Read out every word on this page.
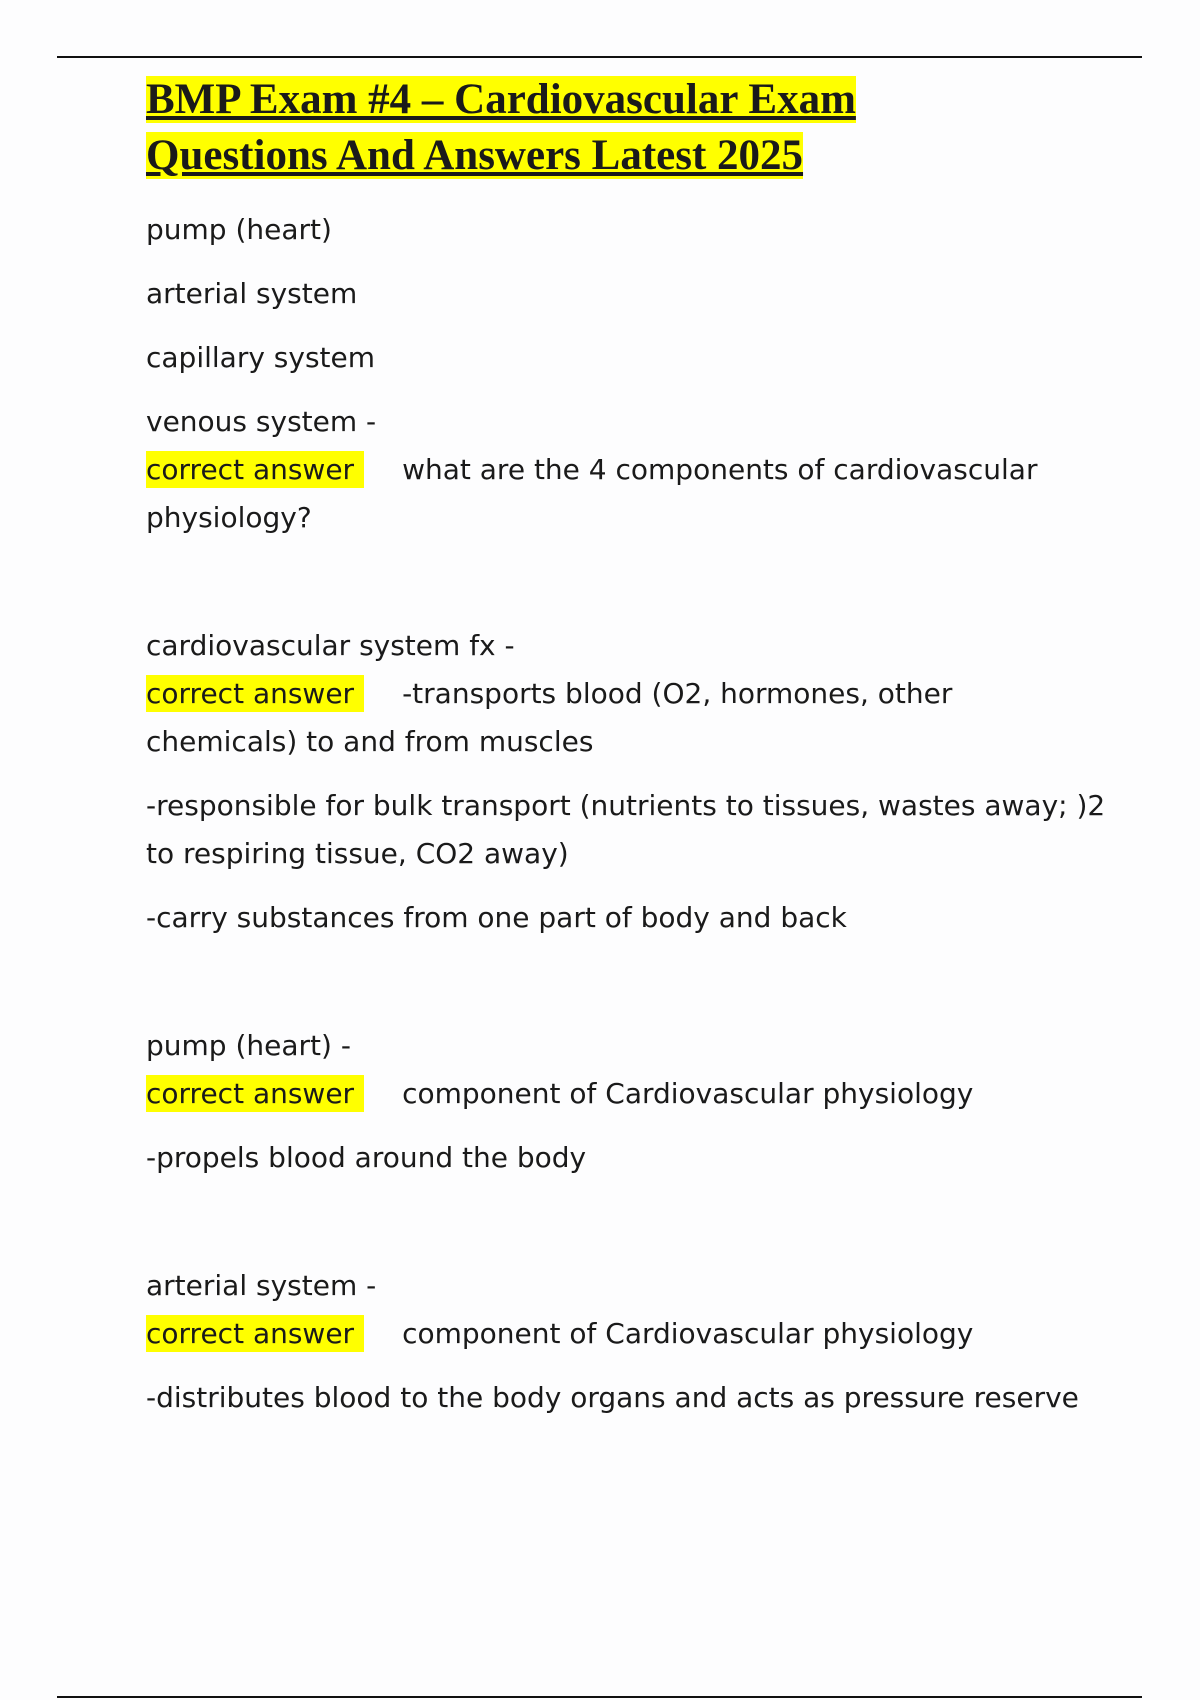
BMP Exam #4 – Cardiovascular Exam
Questions And Answers Latest 2025
pump (heart)
arterial system
capillary system
venous system -
correct answer what are the 4 components of cardiovascular physiology?
cardiovascular system fx -
correct answer -transports blood (O2, hormones, other chemicals) to and from muscles
-responsible for bulk transport (nutrients to tissues, wastes away; )2 to respiring tissue, CO2 away)
-carry substances from one part of body and back
pump (heart) -
correct answer component of Cardiovascular physiology
-propels blood around the body
arterial system -
correct answer component of Cardiovascular physiology
-distributes blood to the body organs and acts as pressure reserve
